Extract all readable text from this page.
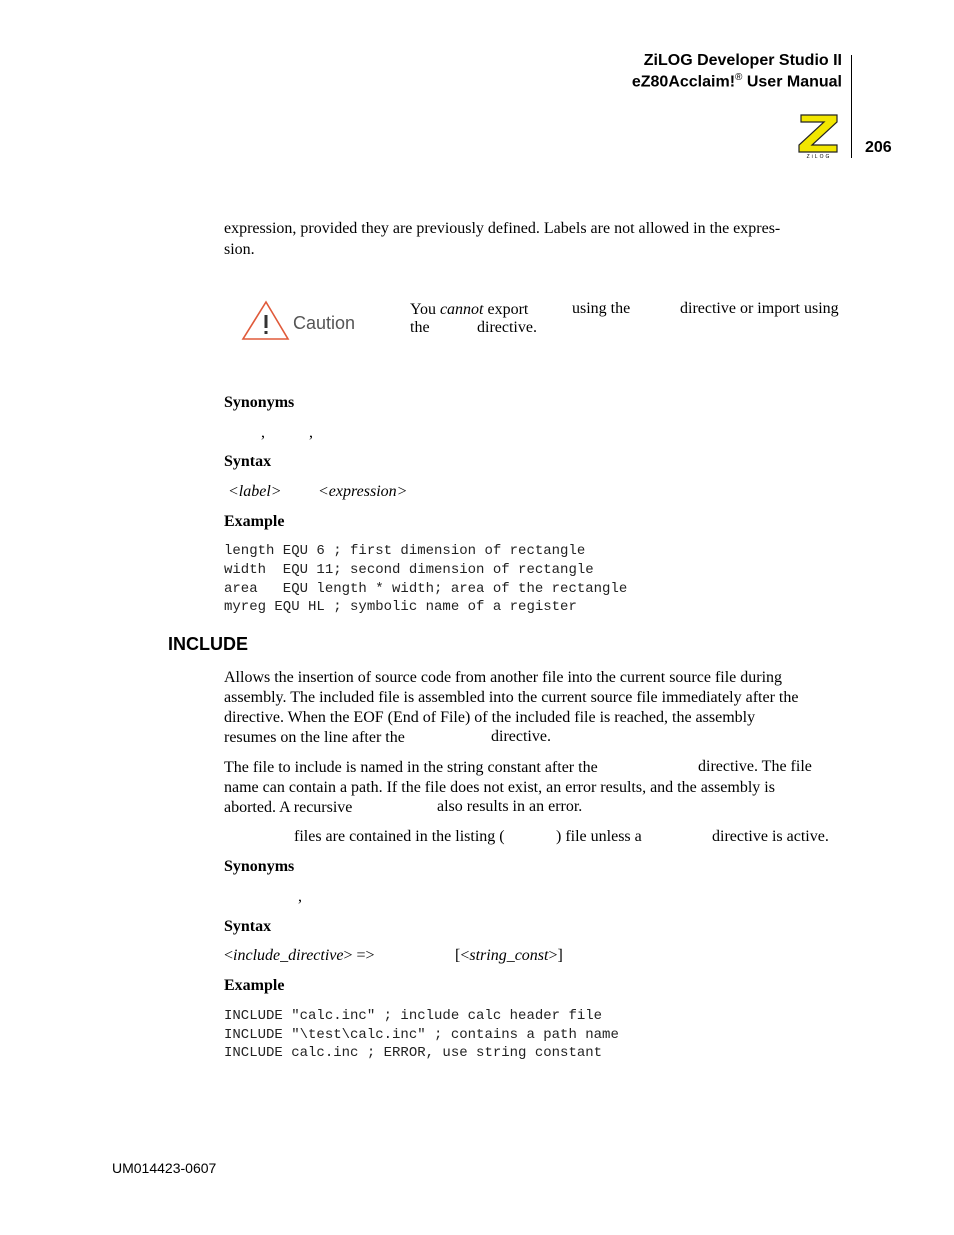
ZiLOG Developer Studio II
eZ80Acclaim!® User Manual
ZiLOG
206
expression, provided they are previously defined. Labels are not allowed in the expres-
sion.
Caution
You cannot export	using the	directive or import using
the	directive.
Synonyms
,	,
Syntax
<label> <expression>
Example
length EQU 6 ; first dimension of rectangle
width  EQU 11; second dimension of rectangle
area   EQU length * width; area of the rectangle
myreg EQU HL ; symbolic name of a register
INCLUDE
Allows the insertion of source code from another file into the current source file during
assembly. The included file is assembled into the current source file immediately after the
directive. When the EOF (End of File) of the included file is reached, the assembly
resumes on the line after the	directive.
The file to include is named in the string constant after the	directive. The file
name can contain a path. If the file does not exist, an error results, and the assembly is
aborted. A recursive	also results in an error.
files are contained in the listing (	) file unless a	directive is active.
Synonyms
,
Syntax
<include_directive> =>	[<string_const>]
Example
INCLUDE "calc.inc" ; include calc header file
INCLUDE "\test\calc.inc" ; contains a path name
INCLUDE calc.inc ; ERROR, use string constant
UM014423-0607
